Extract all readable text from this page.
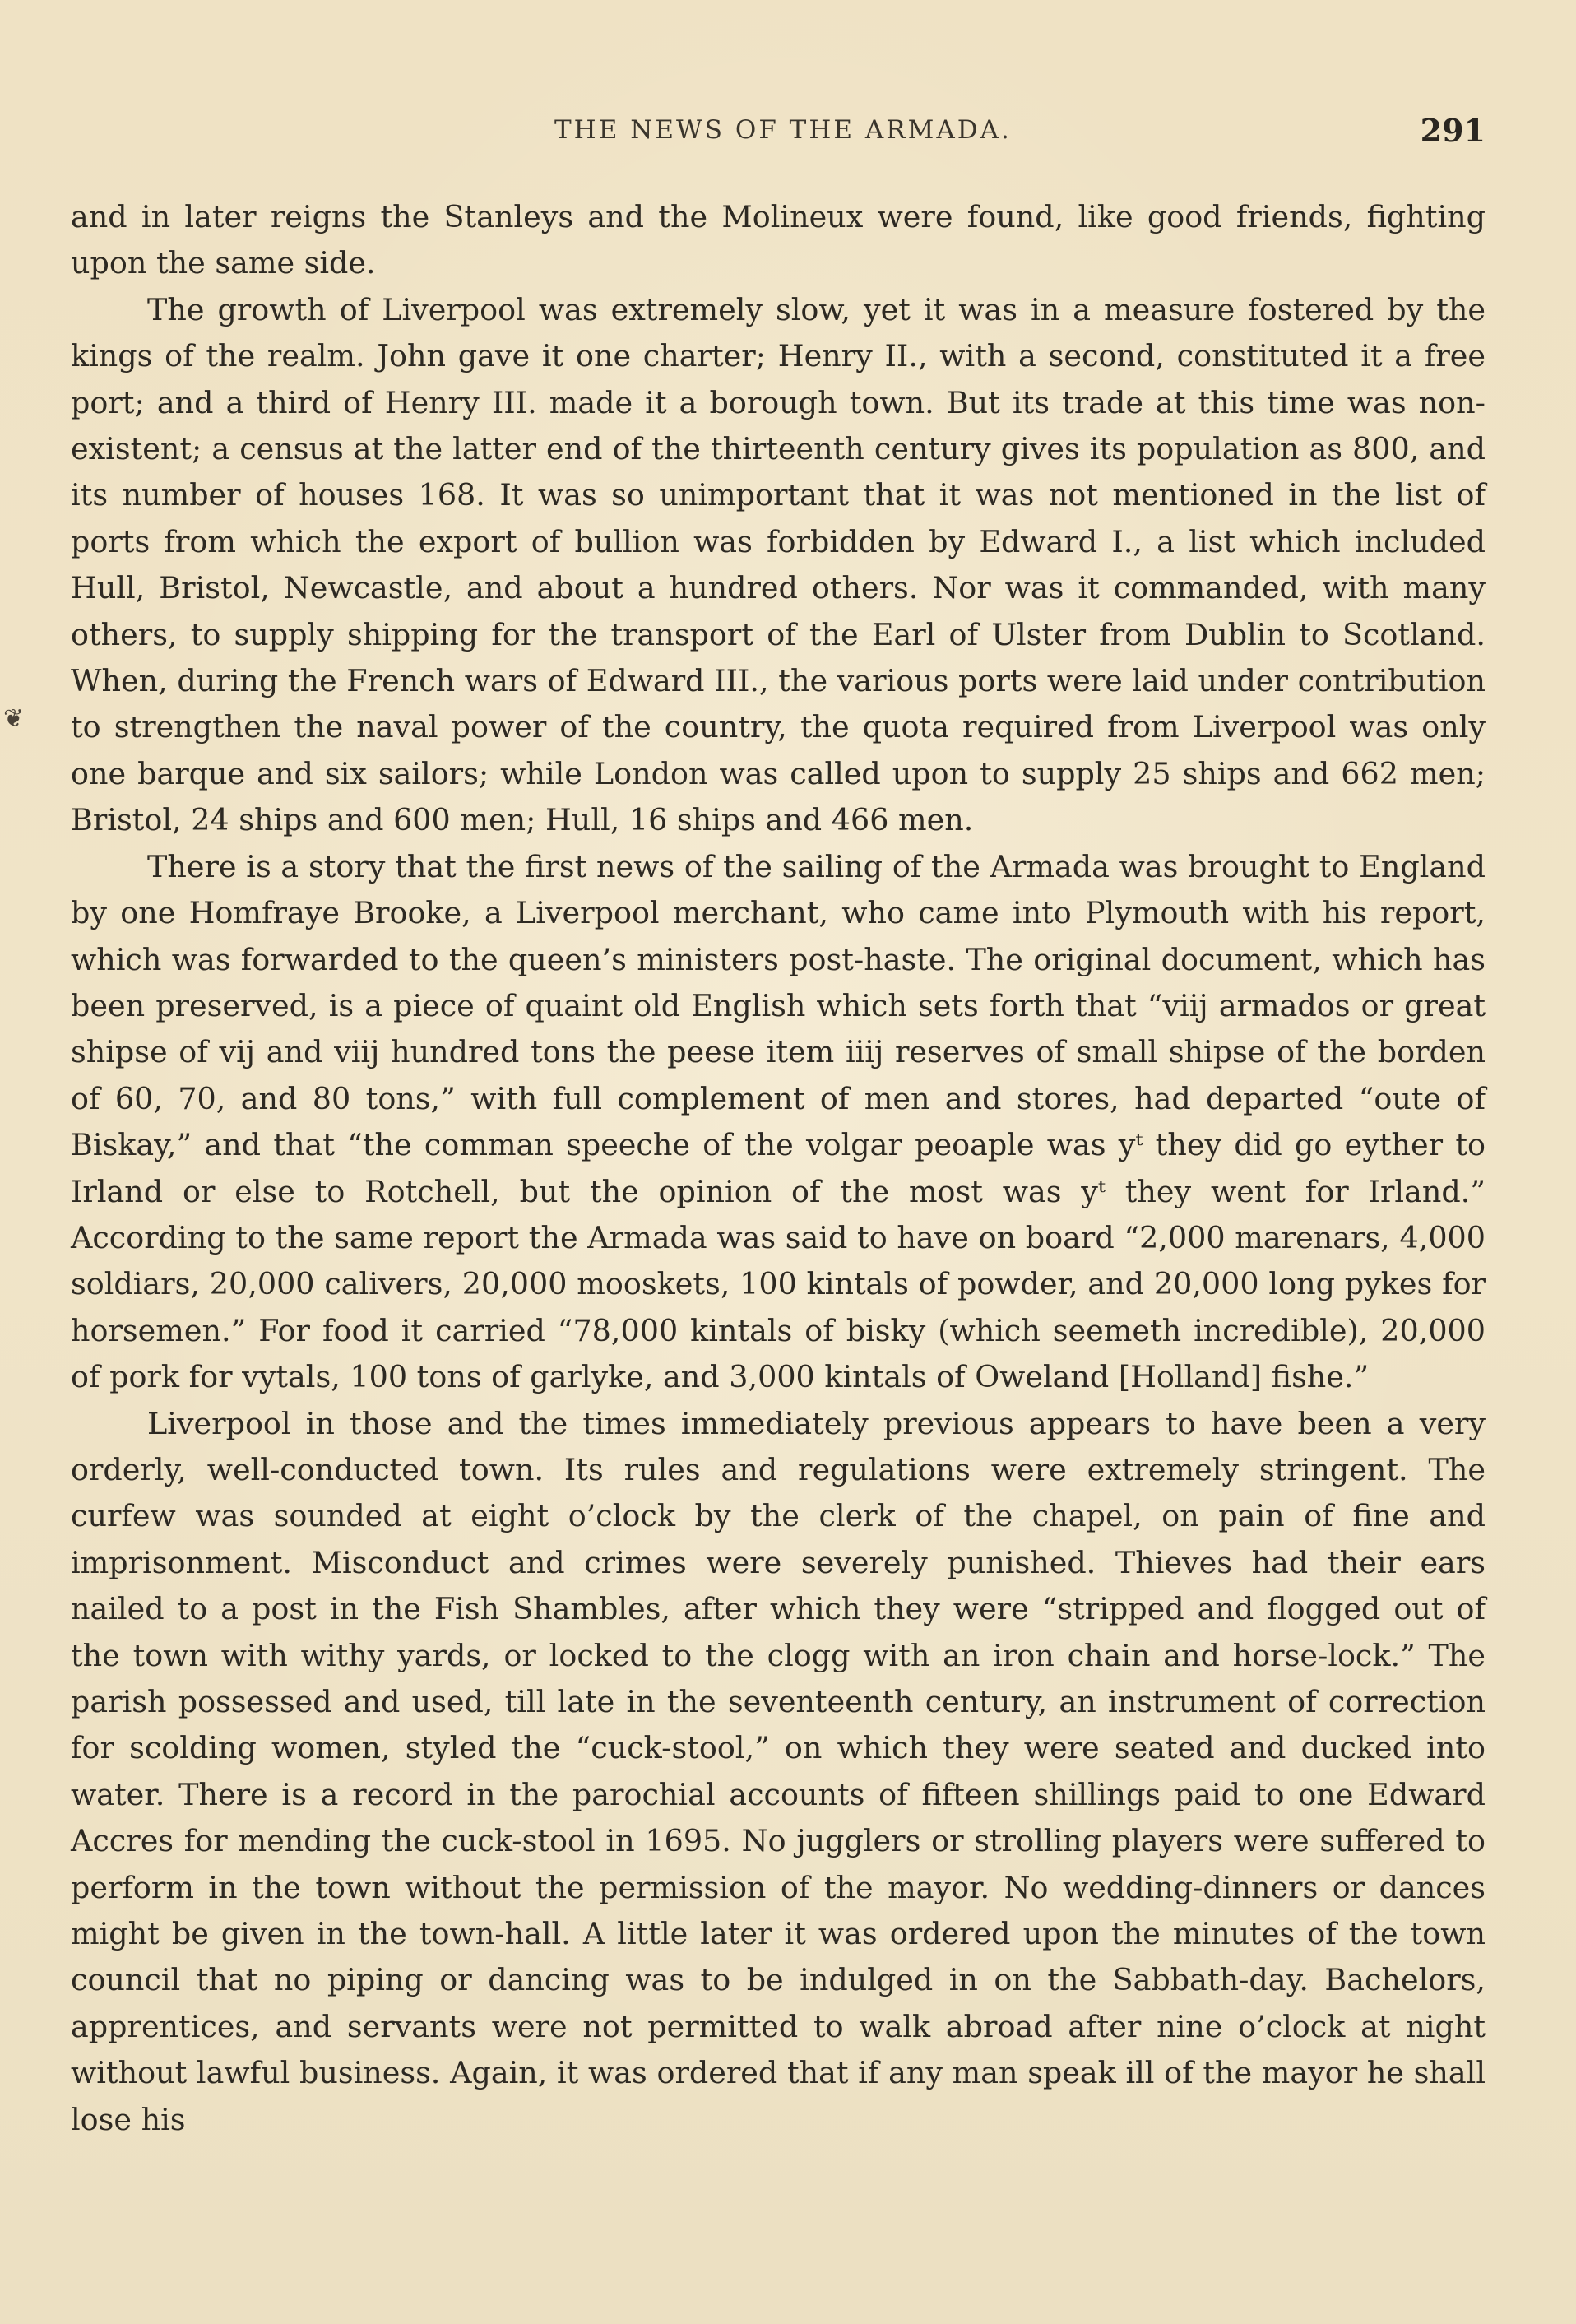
THE NEWS OF THE ARMADA.	291
❦

and in later reigns the Stanleys and the Molineux were found, like good friends, fighting upon the same side.

The growth of Liverpool was extremely slow, yet it was in a measure fostered by the kings of the realm. John gave it one charter; Henry II., with a second, constituted it a free port; and a third of Henry III. made it a borough town. But its trade at this time was non-existent; a census at the latter end of the thirteenth century gives its population as 800, and its number of houses 168. It was so unimportant that it was not mentioned in the list of ports from which the export of bullion was forbidden by Edward I., a list which included Hull, Bristol, Newcastle, and about a hundred others. Nor was it commanded, with many others, to supply shipping for the transport of the Earl of Ulster from Dublin to Scotland. When, during the French wars of Edward III., the various ports were laid under contribution to strengthen the naval power of the country, the quota required from Liverpool was only one barque and six sailors; while London was called upon to supply 25 ships and 662 men; Bristol, 24 ships and 600 men; Hull, 16 ships and 466 men.

There is a story that the first news of the sailing of the Armada was brought to England by one Homfraye Brooke, a Liverpool merchant, who came into Plymouth with his report, which was forwarded to the queen’s ministers post-haste. The original document, which has been preserved, is a piece of quaint old English which sets forth that “viij armados or great shipse of vij and viij hundred tons the peese item iiij reserves of small shipse of the borden of 60, 70, and 80 tons,” with full complement of men and stores, had departed “oute of Biskay,” and that “the comman speeche of the volgar peoaple was yᵗ they did go eyther to Irland or else to Rotchell, but the opinion of the most was yᵗ they went for Irland.” According to the same report the Armada was said to have on board “2,000 marenars, 4,000 soldiars, 20,000 calivers, 20,000 mooskets, 100 kintals of powder, and 20,000 long pykes for horsemen.” For food it carried “78,000 kintals of bisky (which seemeth incredible), 20,000 of pork for vytals, 100 tons of garlyke, and 3,000 kintals of Oweland [Holland] fishe.”

Liverpool in those and the times immediately previous appears to have been a very orderly, well-conducted town. Its rules and regulations were extremely stringent. The curfew was sounded at eight o’clock by the clerk of the chapel, on pain of fine and imprisonment. Misconduct and crimes were severely punished. Thieves had their ears nailed to a post in the Fish Shambles, after which they were “stripped and flogged out of the town with withy yards, or locked to the clogg with an iron chain and horse-lock.” The parish possessed and used, till late in the seventeenth century, an instrument of correction for scolding women, styled the “cuck-stool,” on which they were seated and ducked into water. There is a record in the parochial accounts of fifteen shillings paid to one Edward Accres for mending the cuck-stool in 1695. No jugglers or strolling players were suffered to perform in the town without the permission of the mayor. No wedding-dinners or dances might be given in the town-hall. A little later it was ordered upon the minutes of the town council that no piping or dancing was to be indulged in on the Sabbath-day. Bachelors, apprentices, and servants were not permitted to walk abroad after nine o’clock at night without lawful business. Again, it was ordered that if any man speak ill of the mayor he shall lose his
